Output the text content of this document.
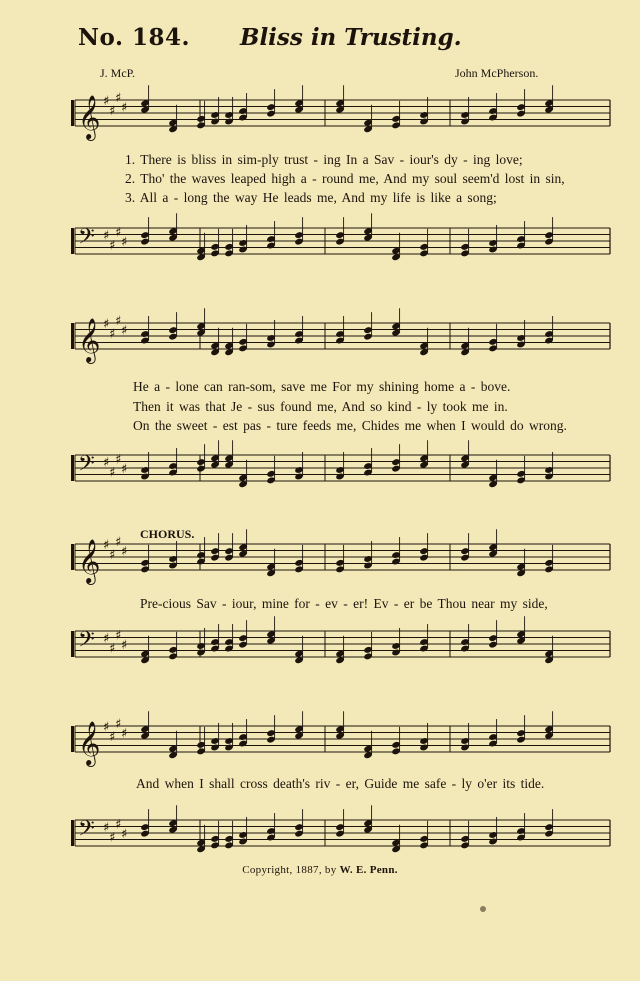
No. 184. Bliss in Trusting.
J. McP.	John McPherson.
𝄞 ♯
♯
♯
♯
1. There is bliss in sim-ply trust - ing In a Sav - iour's dy - ing love;
2. Tho' the waves leaped high a - round me, And my soul seem'd lost in sin,
3. All a - long the way He leads me, And my life is like a song;
𝄢 ♯
♯
♯
♯
𝄞 ♯
♯
♯
♯
He a - lone can ran-som, save me For my shining home a - bove.
Then it was that Je - sus found me, And so kind - ly took me in.
On the sweet - est pas - ture feeds me, Chides me when I would do wrong.
𝄢 ♯
♯
♯
♯
CHORUS.
𝄞 ♯
♯
♯
♯
Pre-cious Sav - iour, mine for - ev - er! Ev - er be Thou near my side,
𝄢 ♯
♯
♯
♯
𝄞 ♯
♯
♯
♯
And when I shall cross death's riv - er, Guide me safe - ly o'er its tide.
𝄢 ♯
♯
♯
♯
Copyright, 1887, by W. E. Penn.
